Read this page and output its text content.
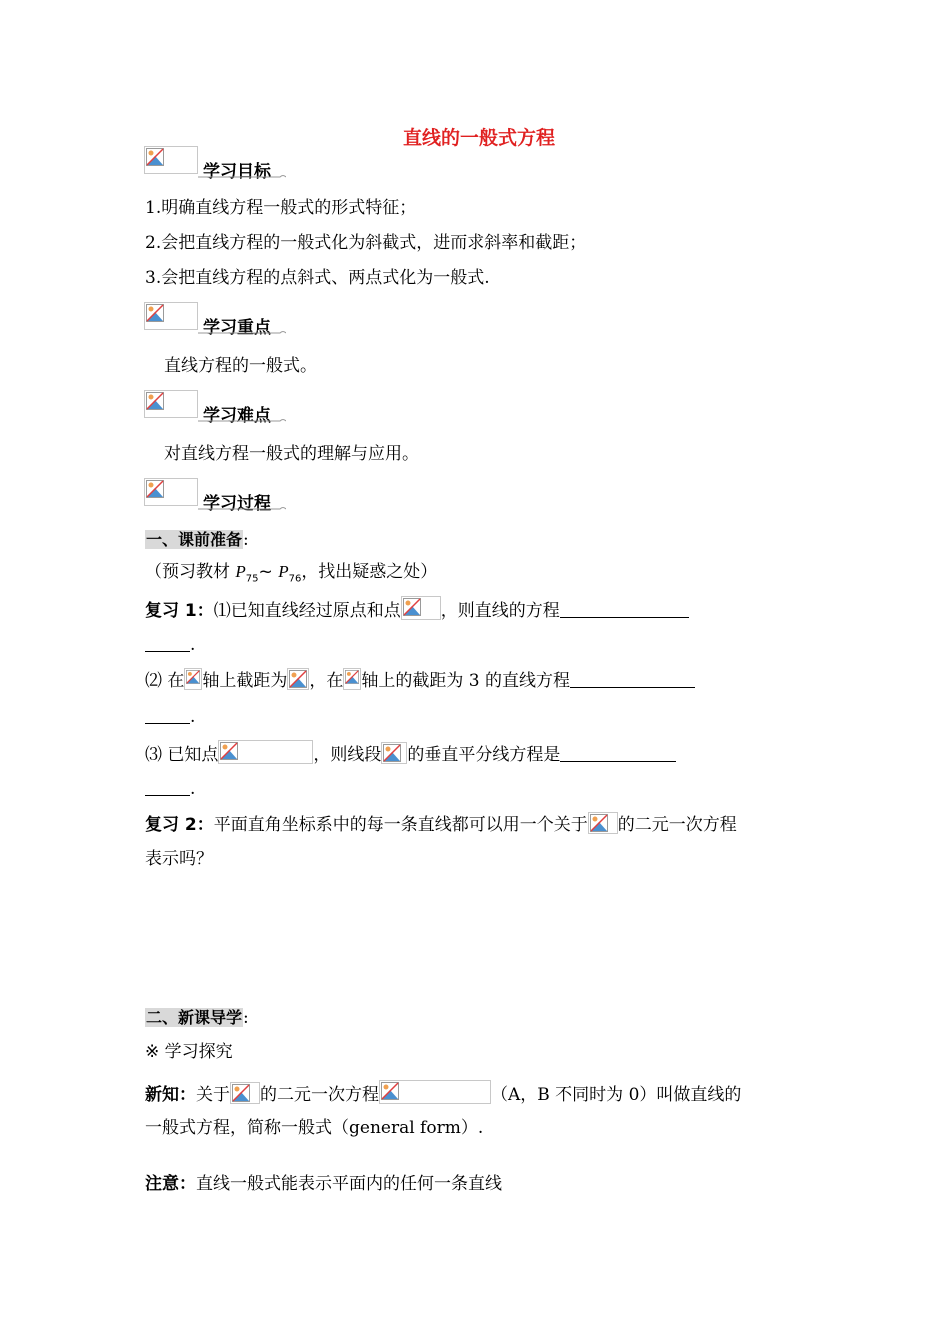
直线的一般式方程
学习目标
1.明确直线方程一般式的形式特征；
2.会把直线方程的一般式化为斜截式，进而求斜率和截距；
3.会把直线方程的点斜式、两点式化为一般式.
学习重点
直线方程的一般式。
学习难点
对直线方程一般式的理解与应用。
学习过程
一、课前准备:
（预习教材 $P_{75}\sim$ $P_{76}$，找出疑惑之处）
复习 1：⑴已知直线经过原点和点 ，则直线的方程
.
⑵ 在 轴上截距为 ，在 轴上的截距为 3 的直线方程
.
⑶ 已知点	，则线段 的垂直平分线方程是
.
复习 2：平面直角坐标系中的每一条直线都可以用一个关于 的二元一次方程
表示吗？
二、新课导学:
※ 学习探究
新知：关于 的二元一次方程	（A，B 不同时为 0）叫做直线的
一般式方程，简称一般式（general form）.
注意：直线一般式能表示平面内的任何一条直线
